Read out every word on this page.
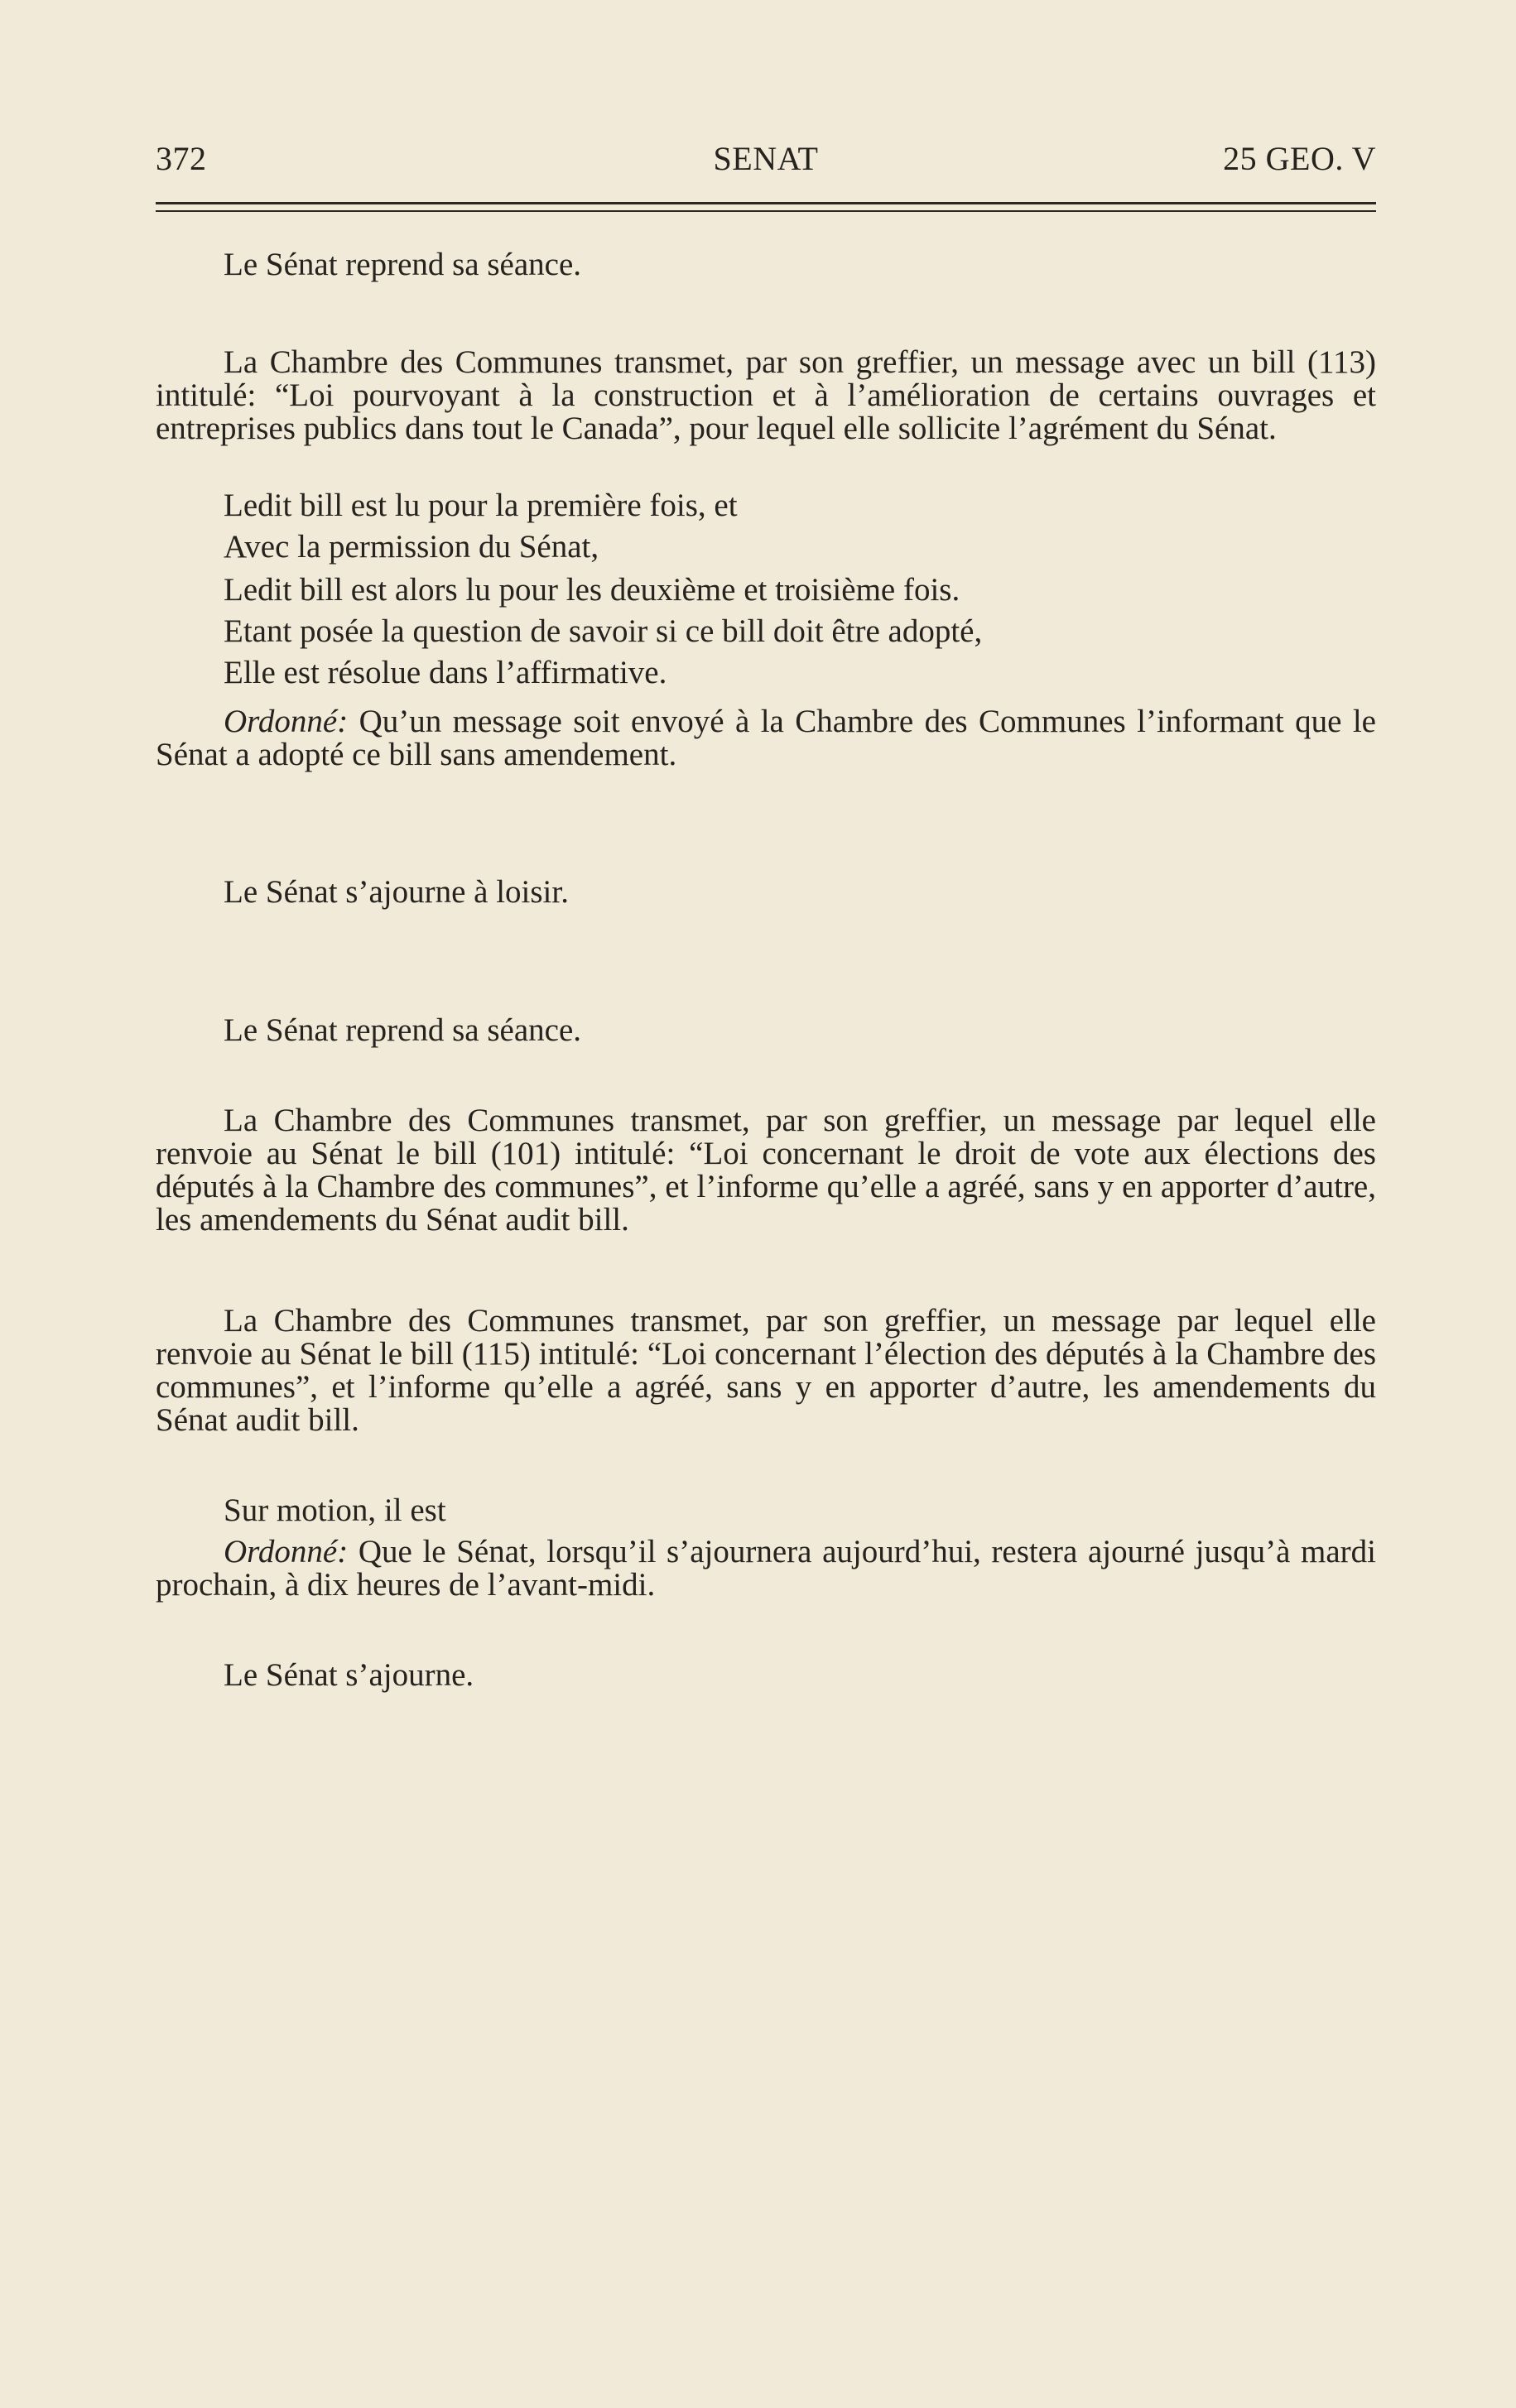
372	SENAT	25 GEO. V

Le Sénat reprend sa séance.

La Chambre des Communes transmet, par son greffier, un message avec un bill (113) intitulé: “Loi pourvoyant à la construction et à l’amélioration de certains ouvrages et entreprises publics dans tout le Canada”, pour lequel elle sollicite l’agrément du Sénat.

Ledit bill est lu pour la première fois, et

Avec la permission du Sénat,

Ledit bill est alors lu pour les deuxième et troisième fois.

Etant posée la question de savoir si ce bill doit être adopté,

Elle est résolue dans l’affirmative.

Ordonné: Qu’un message soit envoyé à la Chambre des Communes l’informant que le Sénat a adopté ce bill sans amendement.

Le Sénat s’ajourne à loisir.

Le Sénat reprend sa séance.

La Chambre des Communes transmet, par son greffier, un message par lequel elle renvoie au Sénat le bill (101) intitulé: “Loi concernant le droit de vote aux élections des députés à la Chambre des communes”, et l’informe qu’elle a agréé, sans y en apporter d’autre, les amendements du Sénat audit bill.

La Chambre des Communes transmet, par son greffier, un message par lequel elle renvoie au Sénat le bill (115) intitulé: “Loi concernant l’élection des députés à la Chambre des communes”, et l’informe qu’elle a agréé, sans y en apporter d’autre, les amendements du Sénat audit bill.

Sur motion, il est

Ordonné: Que le Sénat, lorsqu’il s’ajournera aujourd’hui, restera ajourné jusqu’à mardi prochain, à dix heures de l’avant-midi.

Le Sénat s’ajourne.
